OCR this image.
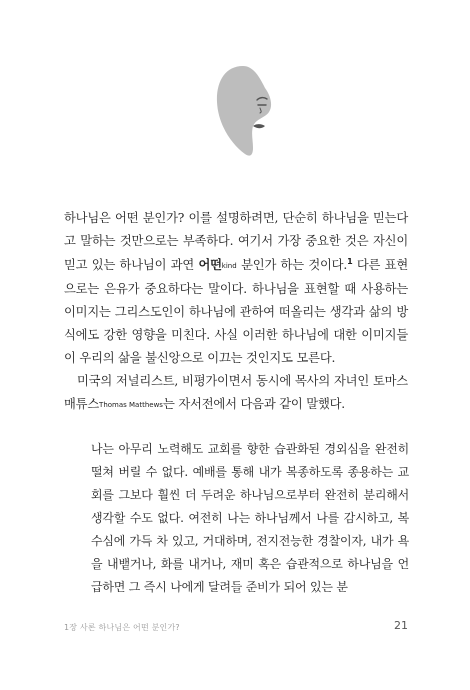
하나님은 어떤 분인가? 이를 설명하려면, 단순히 하나님을 믿는다고 말하는 것만으로는 부족하다. 여기서 가장 중요한 것은 자신이 믿고 있는 하나님이 과연 어떤kind 분인가 하는 것이다.$^1$ 다른 표현으로는 은유가 중요하다는 말이다. 하나님을 표현할 때 사용하는 이미지는 그리스도인이 하나님에 관하여 떠올리는 생각과 삶의 방식에도 강한 영향을 미친다. 사실 이러한 하나님에 대한 이미지들이 우리의 삶을 불신앙으로 이끄는 것인지도 모른다.

미국의 저널리스트, 비평가이면서 동시에 목사의 자녀인 토마스 매튜스Thomas Matthews는 자서전에서 다음과 같이 말했다.

나는 아무리 노력해도 교회를 향한 습관화된 경외심을 완전히 떨쳐 버릴 수 없다. 예배를 통해 내가 복종하도록 종용하는 교회를 그보다 훨씬 더 두려운 하나님으로부터 완전히 분리해서 생각할 수도 없다. 여전히 나는 하나님께서 나를 감시하고, 복수심에 가득 차 있고, 거대하며, 전지전능한 경찰이자, 내가 욕을 내뱉거나, 화를 내거나, 재미 혹은 습관적으로 하나님을 언급하면 그 즉시 나에게 달려들 준비가 되어 있는 분

1장 사론 하나님은 어떤 분인가?	21
